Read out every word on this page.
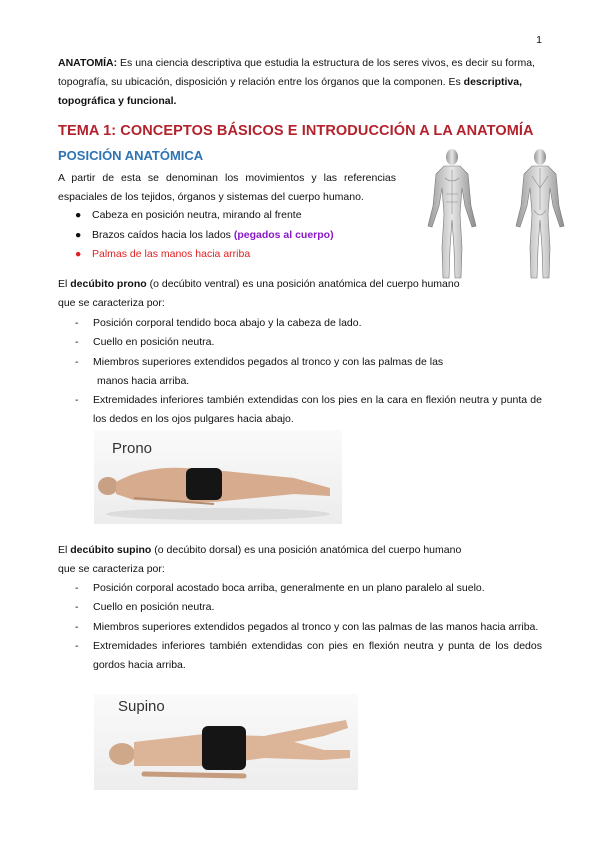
1

ANATOMÍA: Es una ciencia descriptiva que estudia la estructura de los seres vivos, es decir su forma, topografía, su ubicación, disposición y relación entre los órganos que la componen. Es descriptiva, topográfica y funcional.

TEMA 1: CONCEPTOS BÁSICOS E INTRODUCCIÓN A LA ANATOMÍA
POSICIÓN ANATÓMICA
A partir de esta se denominan los movimientos y las referencias espaciales de los tejidos, órganos y sistemas del cuerpo humano.
● Cabeza en posición neutra, mirando al frente
● Brazos caídos hacia los lados (pegados al cuerpo)
● Palmas de las manos hacia arriba
El decúbito prono (o decúbito ventral) es una posición anatómica del cuerpo humano
que se caracteriza por:
- Posición corporal tendido boca abajo y la cabeza de lado.
- Cuello en posición neutra.
- Miembros superiores extendidos pegados al tronco y con las palmas de las
manos hacia arriba.
- Extremidades inferiores también extendidas con los pies en la cara en flexión neutra y punta de los dedos en los ojos pulgares hacia abajo.
Prono
El decúbito supino (o decúbito dorsal) es una posición anatómica del cuerpo humano
que se caracteriza por:
- Posición corporal acostado boca arriba, generalmente en un plano paralelo al suelo.
- Cuello en posición neutra.
- Miembros superiores extendidos pegados al tronco y con las palmas de las manos hacia arriba.
- Extremidades inferiores también extendidas con pies en flexión neutra y punta de los dedos gordos hacia arriba.
Supino
